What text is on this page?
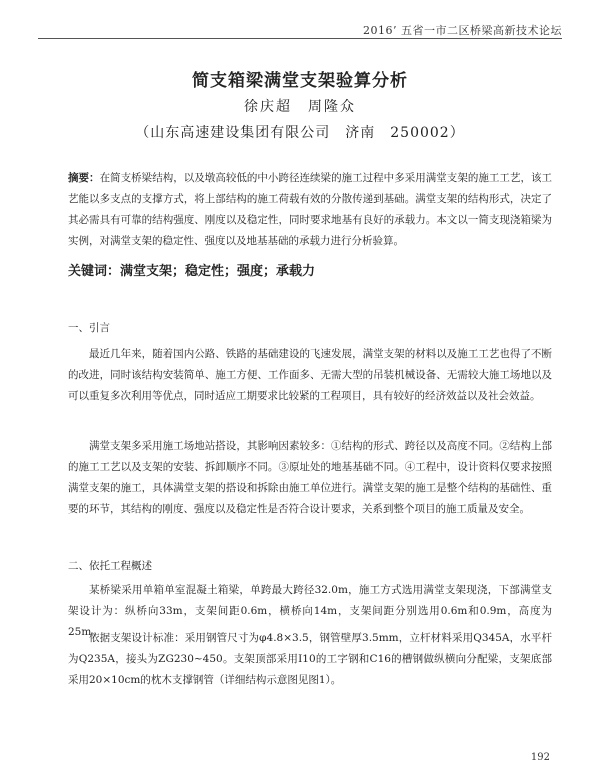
2016’ 五省一市二区桥梁高新技术论坛
简支箱梁满堂支架验算分析
徐庆超　周隆众
（山东高速建设集团有限公司　济南　250002）
摘要：在简支桥梁结构，以及墩高较低的中小跨径连续梁的施工过程中多采用满堂支架的施工工艺，该工艺能以多支点的支撑方式，将上部结构的施工荷载有效的分散传递到基础。满堂支架的结构形式，决定了其必需具有可靠的结构强度、刚度以及稳定性，同时要求地基有良好的承载力。本文以一简支现浇箱梁为实例，对满堂支架的稳定性、强度以及地基基础的承载力进行分析验算。
关键词：满堂支架；稳定性；强度；承载力
一、引言
最近几年来，随着国内公路、铁路的基础建设的飞速发展，满堂支架的材料以及施工工艺也得了不断的改进，同时该结构安装简单、施工方便、工作面多、无需大型的吊装机械设备、无需较大施工场地以及可以重复多次利用等优点，同时适应工期要求比较紧的工程项目，具有较好的经济效益以及社会效益。
满堂支架多采用施工场地站搭设，其影响因素较多：①结构的形式、跨径以及高度不同。②结构上部的施工工艺以及支架的安装、拆卸顺序不同。③原址处的地基基础不同。④工程中，设计资料仅要求按照满堂支架的施工，具体满堂支架的搭设和拆除由施工单位进行。满堂支架的施工是整个结构的基础性、重要的环节，其结构的刚度、强度以及稳定性是否符合设计要求，关系到整个项目的施工质量及安全。
二、依托工程概述
某桥梁采用单箱单室混凝土箱梁，单跨最大跨径32.0m，施工方式选用满堂支架现浇，下部满堂支架设计为：纵桥向33m，支架间距0.6m，横桥向14m，支架间距分别选用0.6m和0.9m，高度为25m。
依据支架设计标准：采用钢管尺寸为φ4.8×3.5，钢管壁厚3.5mm，立杆材料采用Q345A，水平杆为Q235A，接头为ZG230~450。支架顶部采用I10的工字钢和C16的槽钢做纵横向分配梁，支架底部采用20×10cm的枕木支撑钢管（详细结构示意图见图1）。
192
